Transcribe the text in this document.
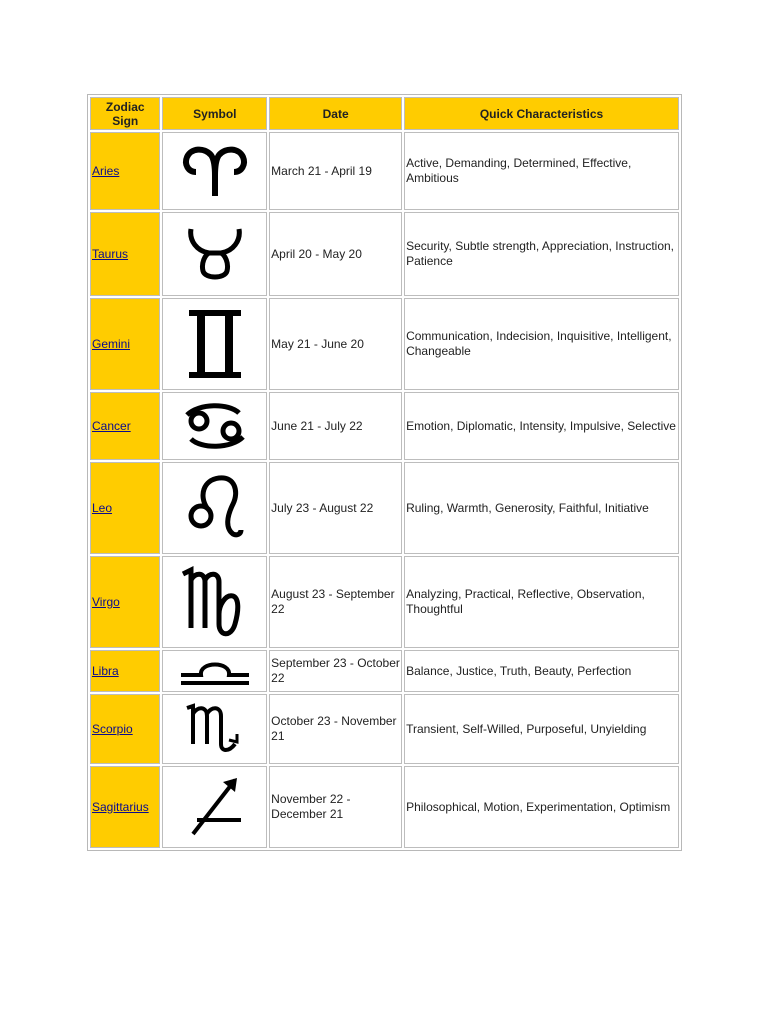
Zodiac Sign	Symbol	Date	Quick Characteristics
Aries		March 21 - April 19	Active, Demanding, Determined, Effective, Ambitious
Taurus		April 20 - May 20	Security, Subtle strength, Appreciation, Instruction, Patience
Gemini		May 21 - June 20	Communication, Indecision, Inquisitive, Intelligent, Changeable
Cancer		June 21 - July 22	Emotion, Diplomatic, Intensity, Impulsive, Selective
Leo		July 23 - August 22	Ruling, Warmth, Generosity, Faithful, Initiative
Virgo		August 23 - September 22	Analyzing, Practical, Reflective, Observation, Thoughtful
Libra		September 23 - October 22	Balance, Justice, Truth, Beauty, Perfection
Scorpio		October 23 - November 21	Transient, Self-Willed, Purposeful, Unyielding
Sagittarius		November 22 - December 21	Philosophical, Motion, Experimentation, Optimism
